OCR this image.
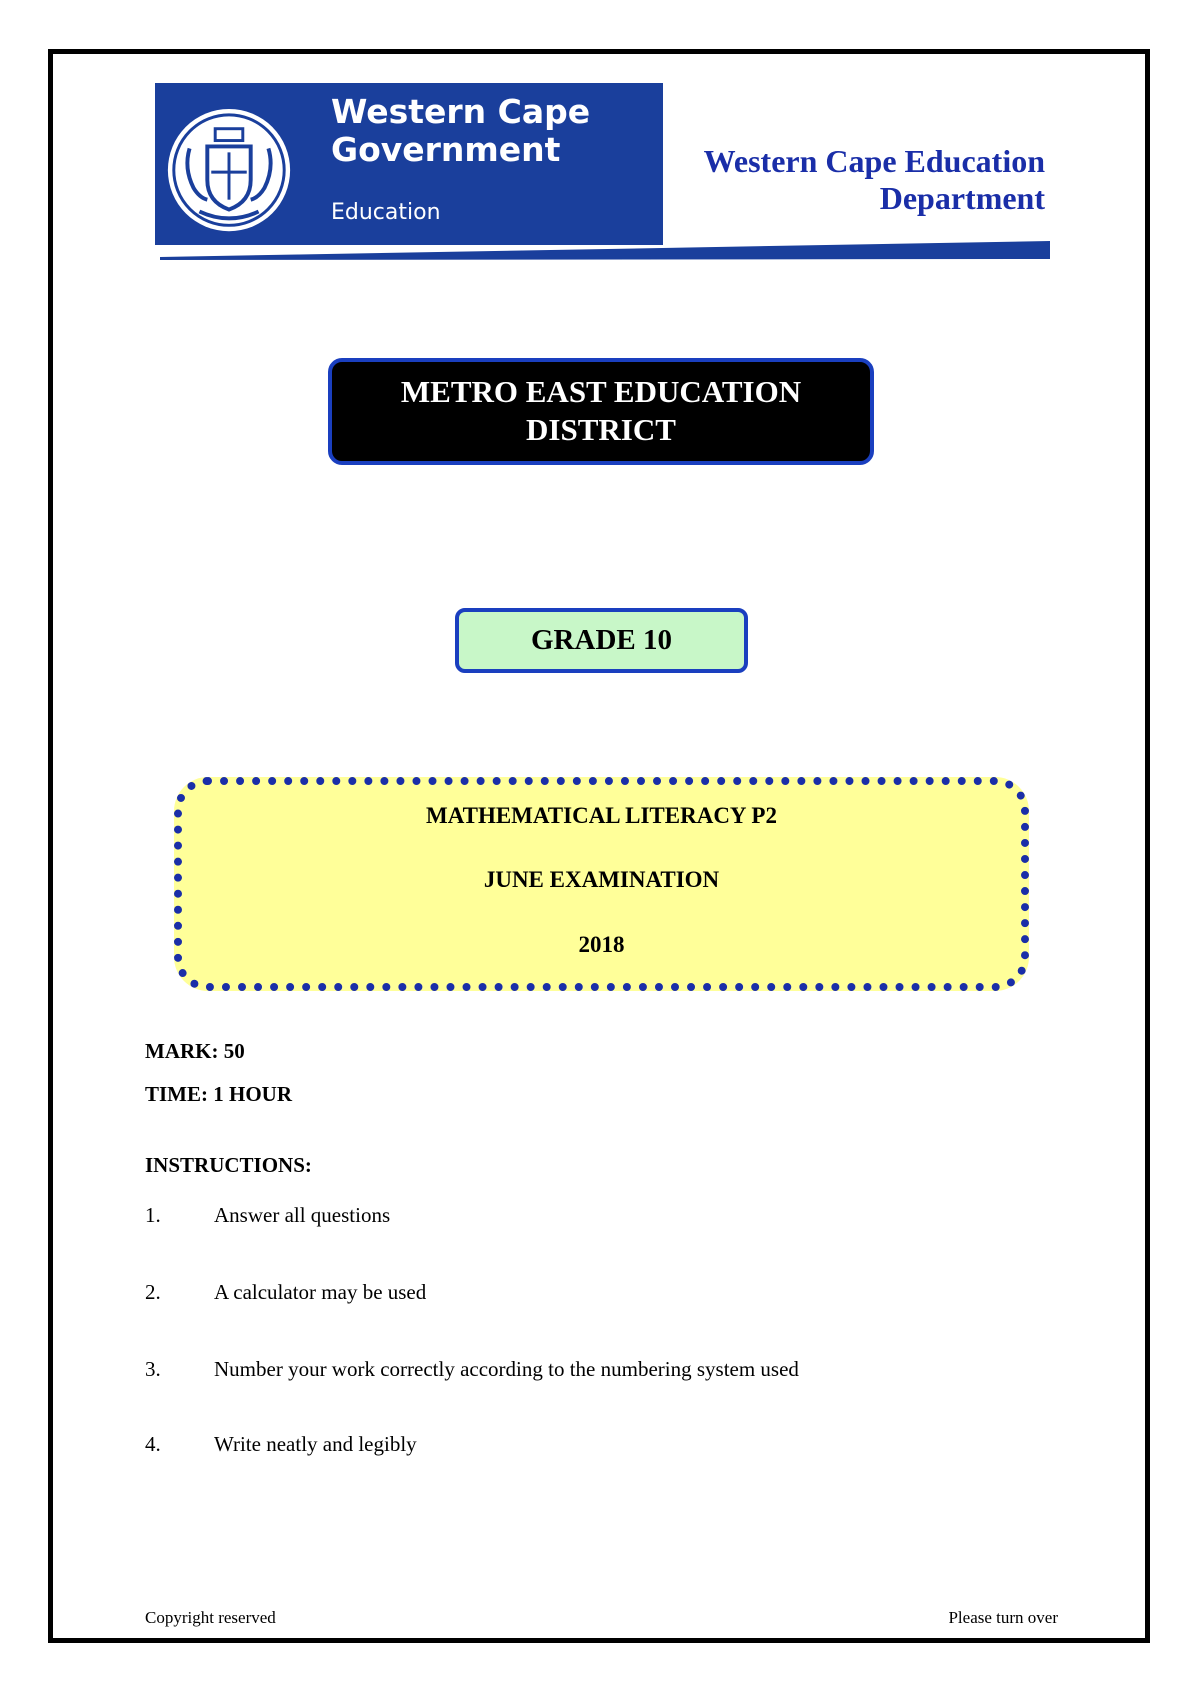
Western Cape
Government
Education
Western Cape Education Department
METRO EAST EDUCATION DISTRICT
GRADE 10
MATHEMATICAL LITERACY P2
JUNE EXAMINATION
2018
MARK: 50
TIME: 1 HOUR
INSTRUCTIONS:
1.	Answer all questions
2.	A calculator may be used
3.	Number your work correctly according to the numbering system used
4.	Write neatly and legibly
Copyright reserved	Please turn over
